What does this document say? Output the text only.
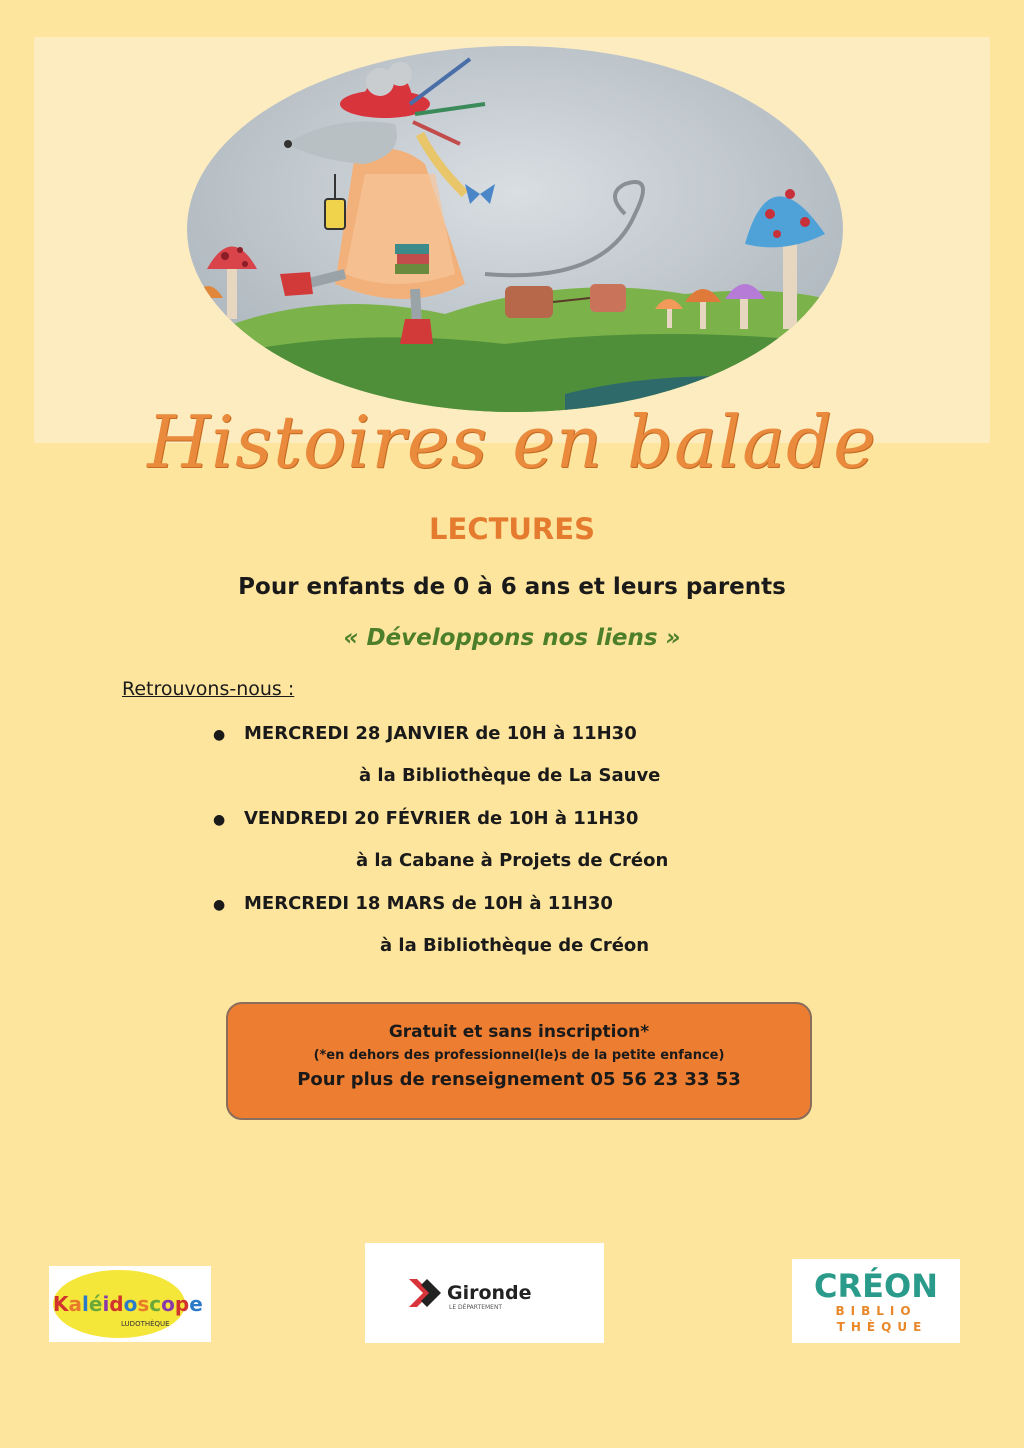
Histoires en balade
LECTURES
Pour enfants de 0 à 6 ans et leurs parents
« Développons nos liens »
Retrouvons-nous :
● MERCREDI 28 JANVIER de 10H à 11H30
à la Bibliothèque de La Sauve
● VENDREDI 20 FÉVRIER de 10H à 11H30
à la Cabane à Projets de Créon
● MERCREDI 18 MARS de 10H à 11H30
à la Bibliothèque de Créon
Gratuit et sans inscription*
(*en dehors des professionnel(le)s de la petite enfance)
Pour plus de renseignement 05 56 23 33 53
Kaléidoscope
LUDOTHÈQUE
Gironde
LE DÉPARTEMENT
CRÉON
BIBLIO
THÈQUE
